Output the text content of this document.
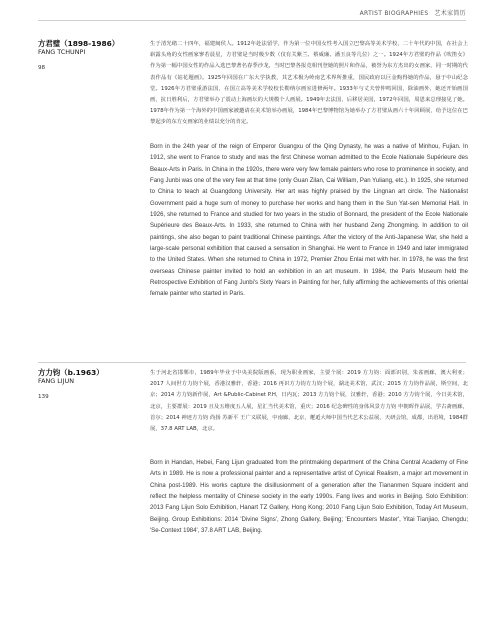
ARTIST BIOGRAPHIES 艺术家简历
方君璧（1898-1986）
FANG TCHUNPI
98
生于清光绪二十四年，福建闽侯人。1912年赴法留学，作为第一位中国女性考入国立巴黎高等美术学校，二十年代的中国，在社会上崭露头角的女性画家寥若晨星，方君璧是当时极少数（仅有关紫兰、蔡威廉、潘玉良等几位）之一。1924年方君璧的作品《吹笛女》作为第一幅中国女性的作品入选巴黎著名春季沙龙，当时巴黎各报竞相刊登她的照片和作品，被誉为东方杰出的女画家，同一时期的代表作品有《姑花题画》。1925年回国在广东大学执教，其艺术极为岭南艺术界所推重，国民政府以巨金购得她的作品，悬于中山纪念堂。1926年方君璧重游法国，在国立高等美术学校校长勒纳尔画室进修两年。1933年与丈夫曾仲鸣回国，除油画外，她还开始画国画，抗日胜利后，方君璧举办了震动上海画坛的大规模个人画展。1949年去法国，后移居美国，1972年回国，周恩来总理接见了她。1978年作为第一个海外的中国画家被邀请在美术馆举办画展，1984年巴黎博物馆为她举办了方君璧从画六十年回顾展，给予这位在巴黎起步的东方女画家的业绩以充分的肯定。
Born in the 24th year of the reign of Emperor Guangxu of the Qing Dynasty, he was a native of Minhou, Fujian. In 1912, she went to France to study and was the first Chinese woman admitted to the Ecole Nationale Supérieure des Beaux-Arts in Paris. In China in the 1920s, there were very few female painters who rose to prominence in society, and Fang Junbi was one of the very few at that time (only Guan Zilan, Cai William, Pan Yuliang, etc.). In 1925, she returned to China to teach at Guangdong University. Her art was highly praised by the Lingnan art circle. The Nationalist Government paid a huge sum of money to purchase her works and hang them in the Sun Yat-sen Memorial Hall. In 1926, she returned to France and studied for two years in the studio of Bonnard, the president of the Ecole Nationale Supérieure des Beaux-Arts. In 1933, she returned to China with her husband Zeng Zhongming. In addition to oil paintings, she also began to paint traditional Chinese paintings. After the victory of the Anti-Japanese War, she held a large-scale personal exhibition that caused a sensation in Shanghai. He went to France in 1949 and later immigrated to the United States. When she returned to China in 1972, Premier Zhou Enlai met with her. In 1978, he was the first overseas Chinese painter invited to hold an exhibition in an art museum. In 1984, the Paris Museum held the Retrospective Exhibition of Fang Junbi's Sixty Years in Painting for her, fully affirming the achievements of this oriental female painter who started in Paris.
方力钧（b.1963）
FANG LIJUN
139
生于河北省邯郸市，1989年毕业于中央美院版画系，现为职业画家，主要个展：2019 方力钧：面部识别，朱雀画廊，澳大利亚；2017 人间世方力钧个展，香港汉雅轩，香港；2016 再识方力钧方力钧个展，湖北美术馆，武汉；2015 方力钧作品展，斯空间，北京；2014 方力钧新作展，Art &Public-Cabinet P.H，日内瓦；2013 方力钧个展，汉雅轩，香港；2010 方力钧个展，今日美术馆，北京，主要群展：2019 且及五维度五人展，星汇当代美术馆，重庆；2016 纪念碑性的身体风景方力钧 申朝晖作品展，学古斋画廊，首尔；2014 神迹方力钧 尚扬 苏新平 王广义联展，中南廊，北京，邂逅大师中国当代艺术公益展，天研会馆，成都，出语境，1984群展，37.8 ART LAB，北京。
Born in Handan, Hebei, Fang Lijun graduated from the printmaking department of the China Central Academy of Fine Arts in 1989. He is now a professional painter and a representative artist of Cynical Realism, a major art movement in China post-1989. His works capture the disillusionment of a generation after the Tiananmen Square incident and reflect the helpless mentality of Chinese society in the early 1990s. Fang lives and works in Beijing. Solo Exhibition: 2013 Fang Lijun Solo Exhibition, Hanart TZ Gallery, Hong Kong; 2010 Fang Lijun Solo Exhibition, Today Art Museum, Beijing. Group Exhibitions: 2014 'Divine Signs', Zhong Gallery, Beijing; 'Encounters Master', Yitai Tianjiao, Chengdu; 'Se-Context 1984', 37.8 ART LAB, Beijing.
